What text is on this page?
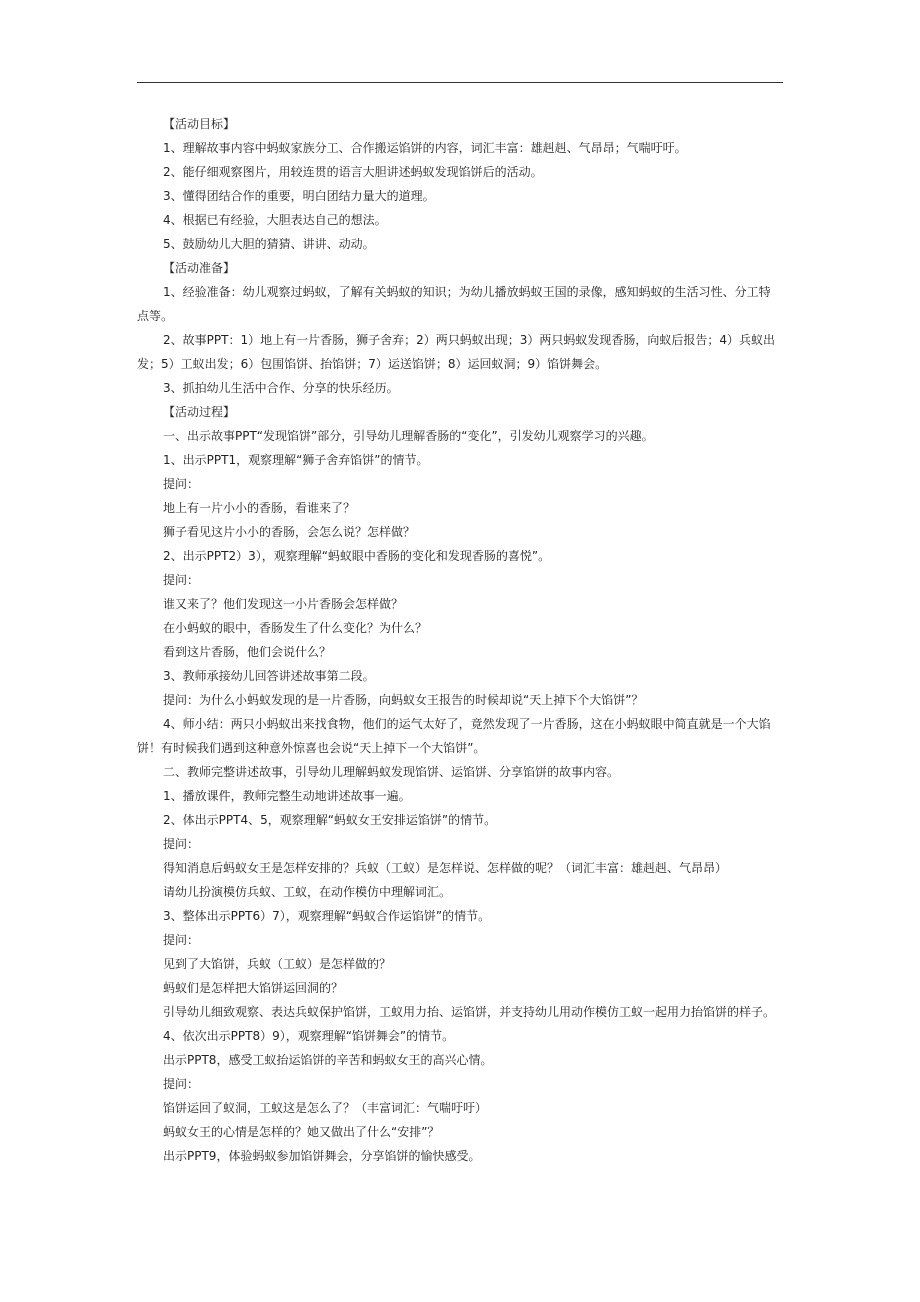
【活动目标】
1、理解故事内容中蚂蚁家族分工、合作搬运馅饼的内容，词汇丰富：雄赳赳、气昂昂；气喘吁吁。
2、能仔细观察图片，用较连贯的语言大胆讲述蚂蚁发现馅饼后的活动。
3、懂得团结合作的重要，明白团结力量大的道理。
4、根据已有经验，大胆表达自己的想法。
5、鼓励幼儿大胆的猜猜、讲讲、动动。
【活动准备】
1、经验准备：幼儿观察过蚂蚁，了解有关蚂蚁的知识；为幼儿播放蚂蚁王国的录像，感知蚂蚁的生活习性、分工特点等。
2、故事PPT：1）地上有一片香肠，狮子舍弃；2）两只蚂蚁出现；3）两只蚂蚁发现香肠，向蚁后报告；4）兵蚁出发；5）工蚁出发；6）包围馅饼、抬馅饼；7）运送馅饼；8）运回蚁洞；9）馅饼舞会。
3、抓拍幼儿生活中合作、分享的快乐经历。
【活动过程】
一、出示故事PPT“发现馅饼”部分，引导幼儿理解香肠的“变化”，引发幼儿观察学习的兴趣。
1、出示PPT1，观察理解“狮子舍弃馅饼”的情节。
提问：
地上有一片小小的香肠，看谁来了？
狮子看见这片小小的香肠，会怎么说？怎样做？
2、出示PPT2）3），观察理解“蚂蚁眼中香肠的变化和发现香肠的喜悦”。
提问：
谁又来了？他们发现这一小片香肠会怎样做？
在小蚂蚁的眼中，香肠发生了什么变化？为什么？
看到这片香肠，他们会说什么？
3、教师承接幼儿回答讲述故事第二段。
提问：为什么小蚂蚁发现的是一片香肠，向蚂蚁女王报告的时候却说“天上掉下个大馅饼”？
4、师小结：两只小蚂蚁出来找食物，他们的运气太好了，竟然发现了一片香肠，这在小蚂蚁眼中简直就是一个大馅饼！有时候我们遇到这种意外惊喜也会说“天上掉下一个大馅饼”。
二、教师完整讲述故事，引导幼儿理解蚂蚁发现馅饼、运馅饼、分享馅饼的故事内容。
1、播放课件，教师完整生动地讲述故事一遍。
2、体出示PPT4、5，观察理解“蚂蚁女王安排运馅饼”的情节。
提问：
得知消息后蚂蚁女王是怎样安排的？兵蚁（工蚁）是怎样说、怎样做的呢？（词汇丰富：雄赳赳、气昂昂）
请幼儿扮演模仿兵蚁、工蚁，在动作模仿中理解词汇。
3、整体出示PPT6）7），观察理解“蚂蚁合作运馅饼”的情节。
提问：
见到了大馅饼，兵蚁（工蚁）是怎样做的？
蚂蚁们是怎样把大馅饼运回洞的？
引导幼儿细致观察、表达兵蚁保护馅饼，工蚁用力抬、运馅饼，并支持幼儿用动作模仿工蚁一起用力抬馅饼的样子。
4、依次出示PPT8）9），观察理解“馅饼舞会”的情节。
出示PPT8，感受工蚁抬运馅饼的辛苦和蚂蚁女王的高兴心情。
提问：
馅饼运回了蚁洞，工蚁这是怎么了？（丰富词汇：气喘吁吁）
蚂蚁女王的心情是怎样的？她又做出了什么“安排”？
出示PPT9，体验蚂蚁参加馅饼舞会，分享馅饼的愉快感受。
